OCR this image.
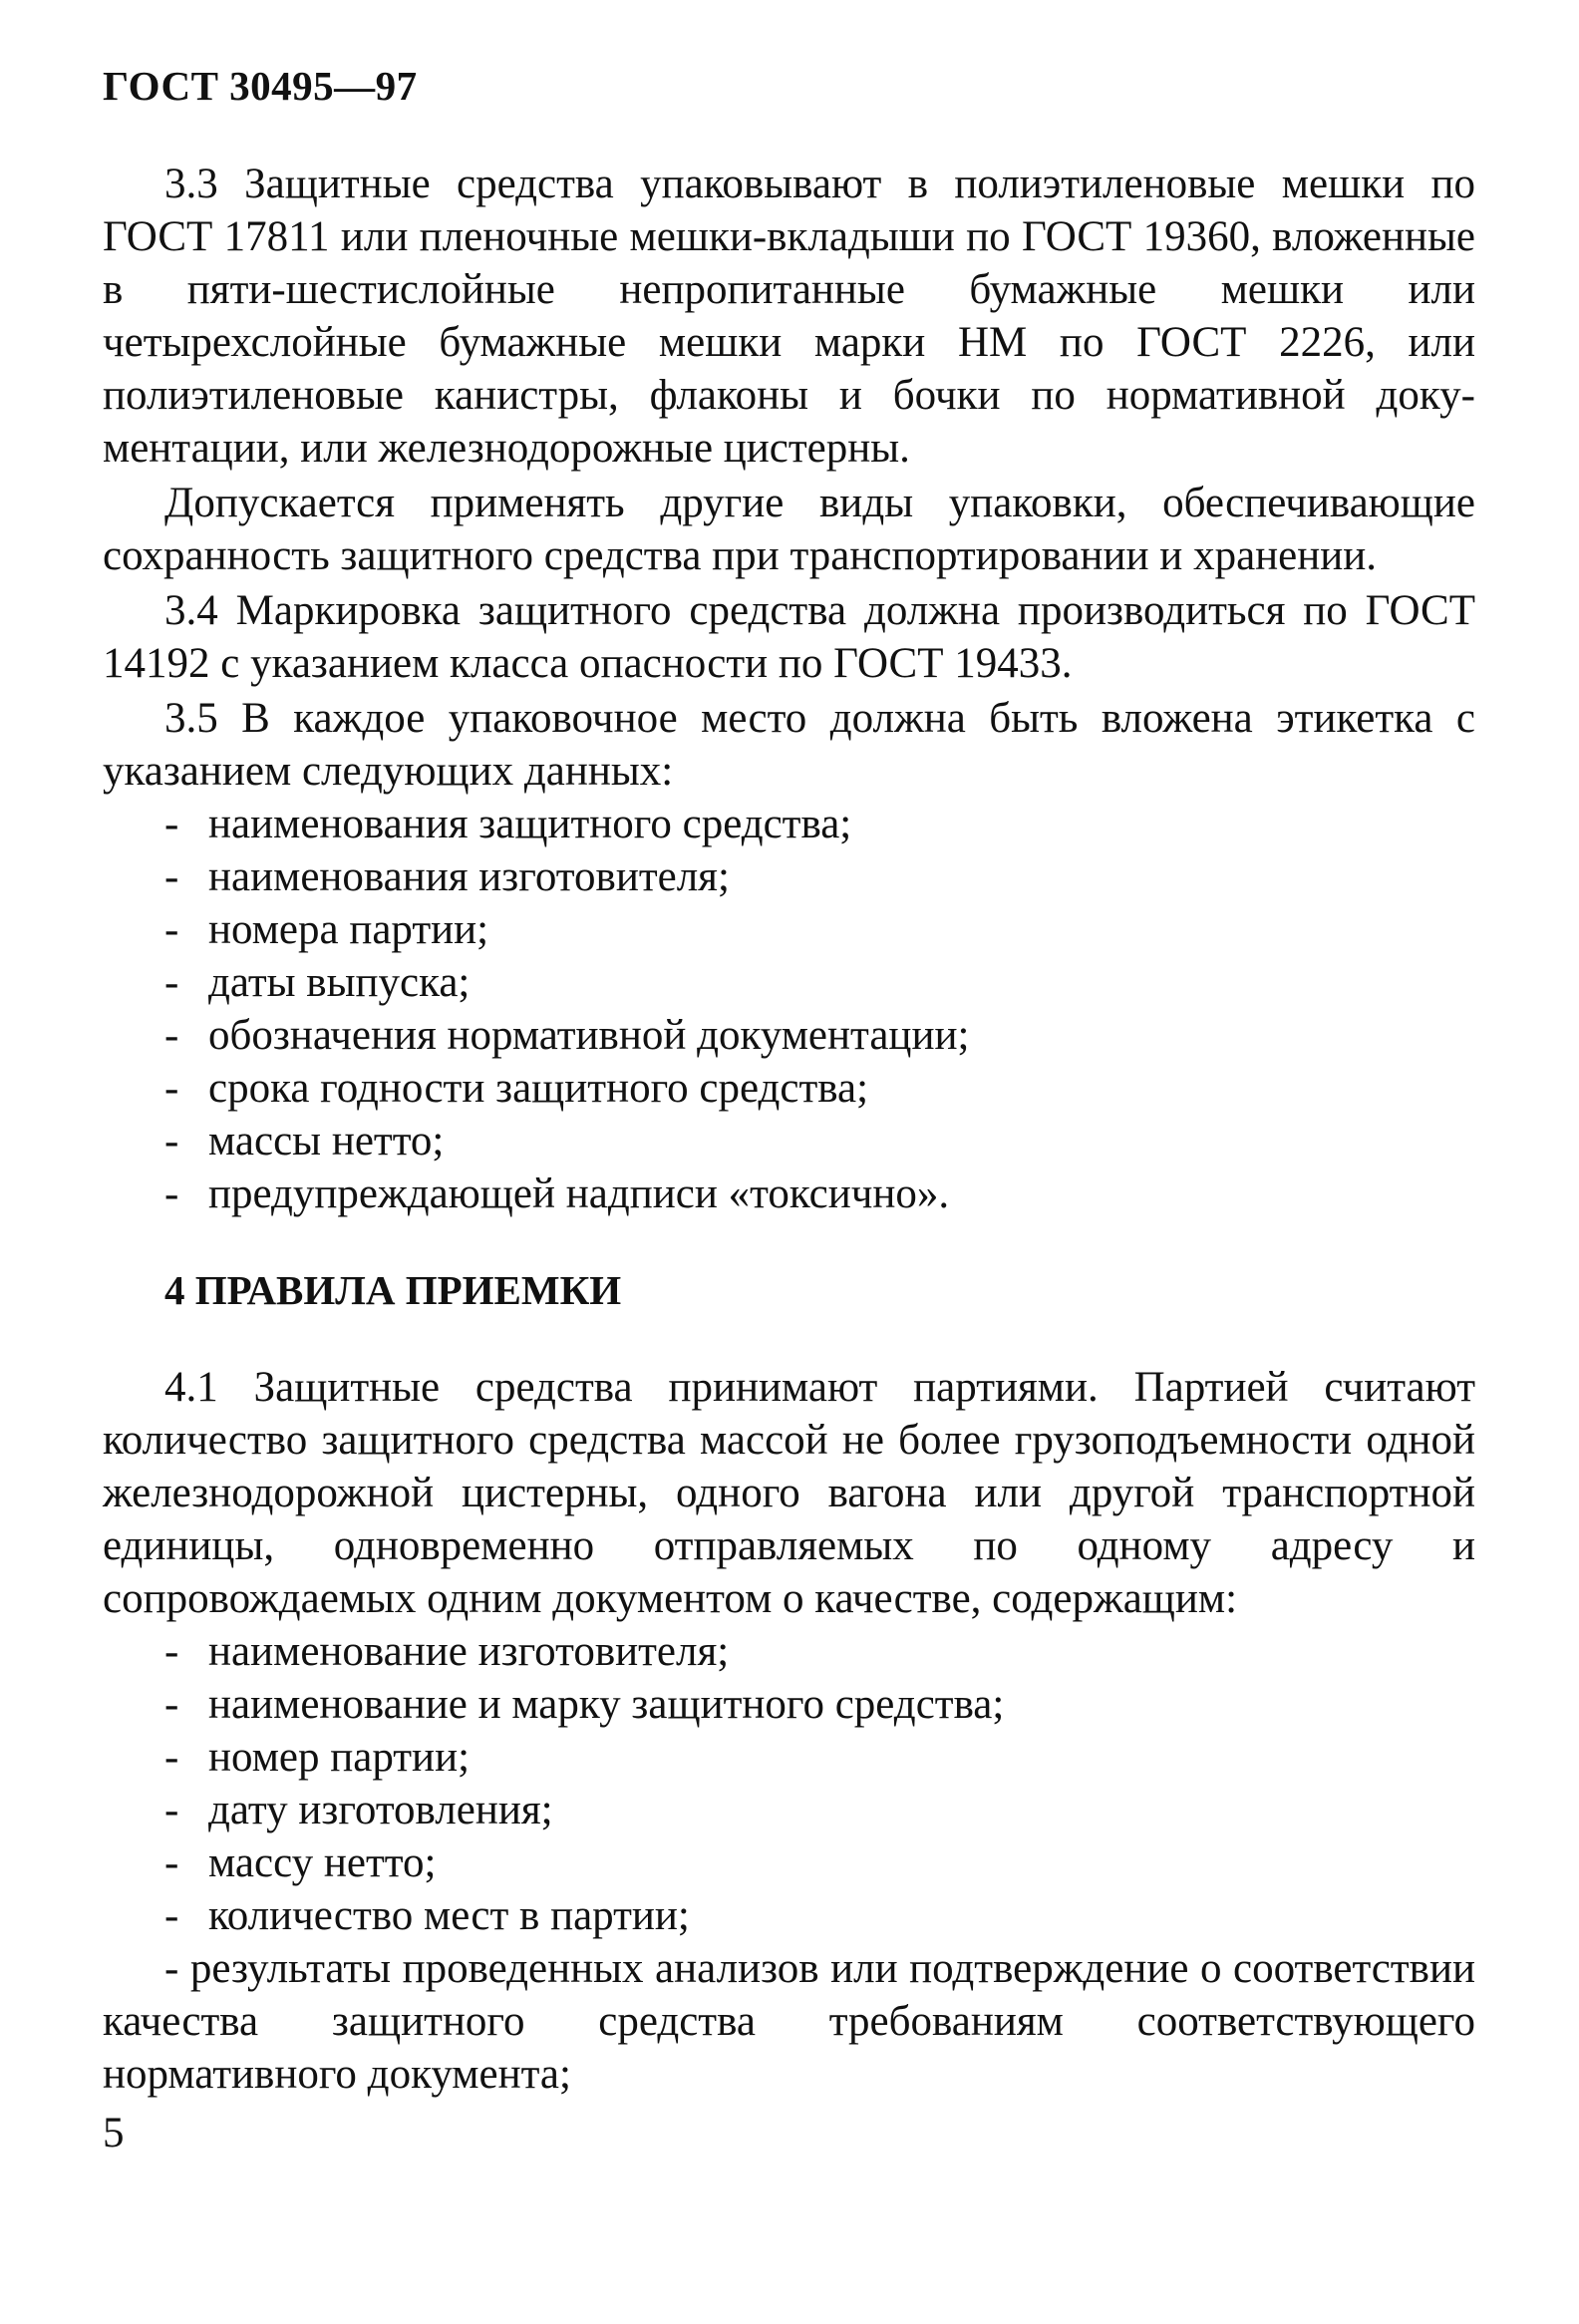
ГОСТ 30495—97

3.3 Защитные средства упаковывают в полиэтиленовые мешки по ГОСТ 17811 или пленочные мешки-вкладыши по ГОСТ 19360, вложенные в пяти-шестислойные непропитанные бумажные мешки или четырехслойные бумажные мешки марки НМ по ГОСТ 2226, или полиэтиленовые канистры, флаконы и бочки по нормативной документации, или железнодорожные цистерны.

Допускается применять другие виды упаковки, обеспечивающие сохранность защитного средства при транспортировании и хранении.

3.4 Маркировка защитного средства должна производиться по ГОСТ 14192 с указанием класса опасности по ГОСТ 19433.

3.5 В каждое упаковочное место должна быть вложена этикетка с указанием следующих данных:

- наименования защитного средства;
- наименования изготовителя;
- номера партии;
- даты выпуска;
- обозначения нормативной документации;
- срока годности защитного средства;
- массы нетто;
- предупреждающей надписи «токсично».
4 ПРАВИЛА ПРИЕМКИ

4.1 Защитные средства принимают партиями. Партией считают количество защитного средства массой не более грузоподъемности одной железнодорожной цистерны, одного вагона или другой транспортной единицы, одновременно отправляемых по одному адресу и сопровождаемых одним документом о качестве, содержащим:

- наименование изготовителя;
- наименование и марку защитного средства;
- номер партии;
- дату изготовления;
- массу нетто;
- количество мест в партии;
- результаты проведенных анализов или подтверждение о соответствии качества защитного средства требованиям соответствующего нормативного документа;
5
